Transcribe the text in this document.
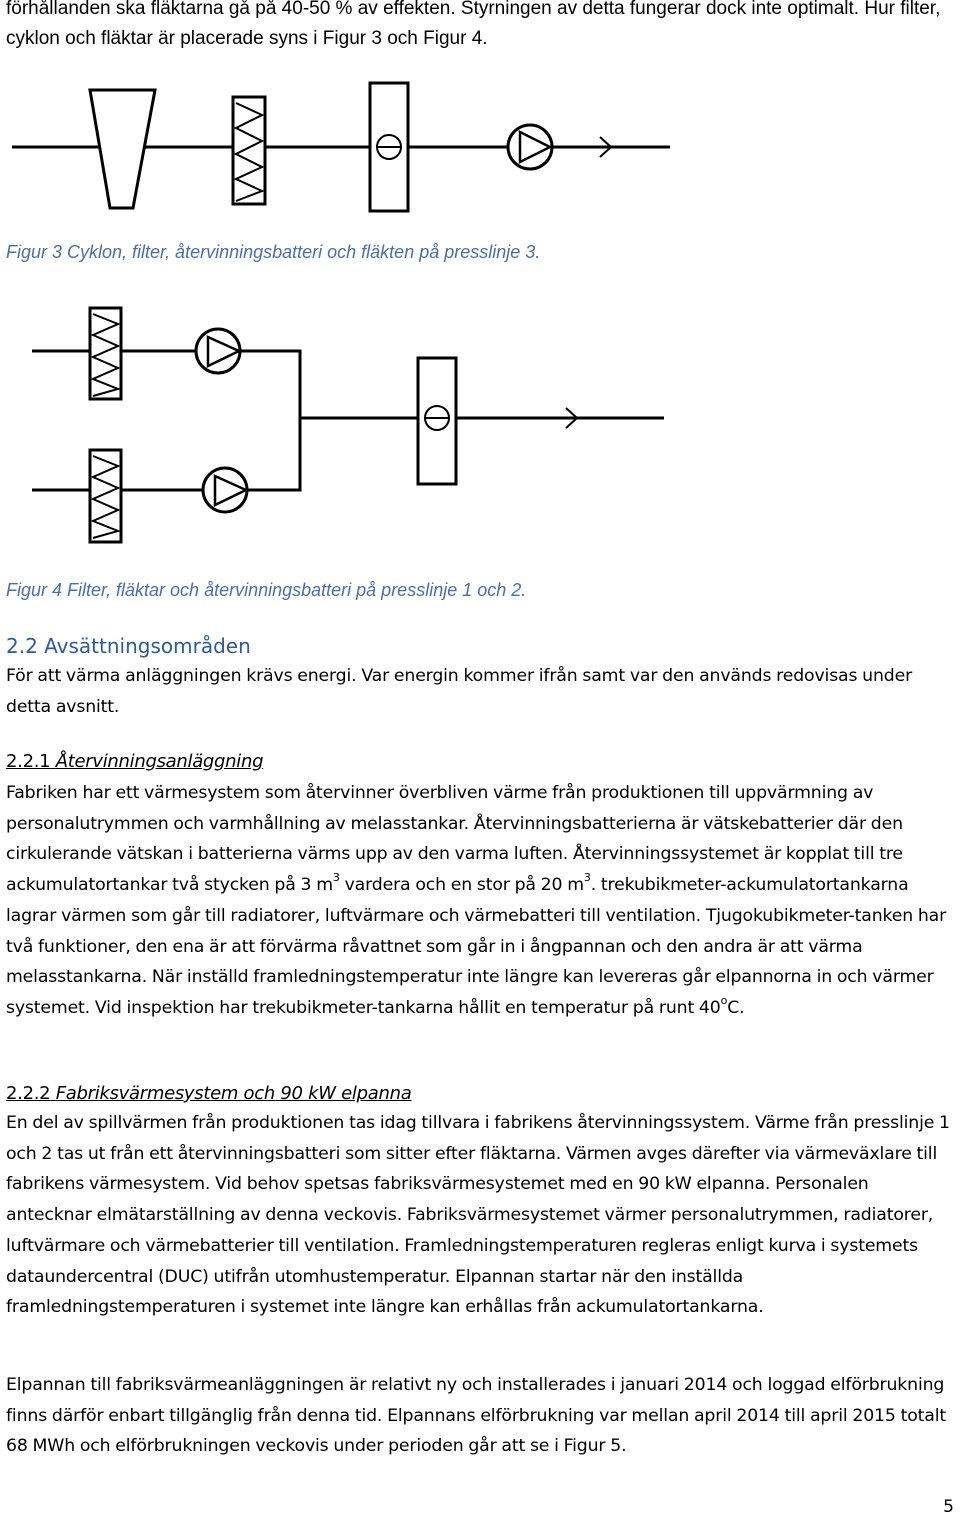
förhållanden ska fläktarna gå på 40-50 % av effekten. Styrningen av detta fungerar dock inte optimalt. Hur filter, cyklon och fläktar är placerade syns i Figur 3 och Figur 4.
Figur 3 Cyklon, filter, återvinningsbatteri och fläkten på presslinje 3.
Figur 4 Filter, fläktar och återvinningsbatteri på presslinje 1 och 2.
2.2 Avsättningsområden
För att värma anläggningen krävs energi. Var energin kommer ifrån samt var den används redovisas under detta avsnitt.
2.2.1 Återvinningsanläggning
Fabriken har ett värmesystem som återvinner överbliven värme från produktionen till uppvärmning av personalutrymmen och varmhållning av melasstankar. Återvinningsbatterierna är vätskebatterier där den cirkulerande vätskan i batterierna värms upp av den varma luften. Återvinningssystemet är kopplat till tre ackumulatortankar två stycken på 3 $m^3$ vardera och en stor på 20 $m^3$. trekubikmeter-ackumulatortankarna lagrar värmen som går till radiatorer, luftvärmare och värmebatteri till ventilation. Tjugokubikmeter-tanken har två funktioner, den ena är att förvärma råvattnet som går in i ångpannan och den andra är att värma melasstankarna. När inställd framledningstemperatur inte längre kan levereras går elpannorna in och värmer systemet. Vid inspektion har trekubikmeter-tankarna hållit en temperatur på runt 40$^o$C.
2.2.2 Fabriksvärmesystem och 90 kW elpanna
En del av spillvärmen från produktionen tas idag tillvara i fabrikens återvinningssystem. Värme från presslinje 1 och 2 tas ut från ett återvinningsbatteri som sitter efter fläktarna. Värmen avges därefter via värmeväxlare till fabrikens värmesystem. Vid behov spetsas fabriksvärmesystemet med en 90 kW elpanna. Personalen antecknar elmätarställning av denna veckovis. Fabriksvärmesystemet värmer personalutrymmen, radiatorer, luftvärmare och värmebatterier till ventilation. Framledningstemperaturen regleras enligt kurva i systemets dataundercentral (DUC) utifrån utomhustemperatur. Elpannan startar när den inställda framledningstemperaturen i systemet inte längre kan erhållas från ackumulatortankarna.
Elpannan till fabriksvärmeanläggningen är relativt ny och installerades i januari 2014 och loggad elförbrukning finns därför enbart tillgänglig från denna tid. Elpannans elförbrukning var mellan april 2014 till april 2015 totalt 68 MWh och elförbrukningen veckovis under perioden går att se i Figur 5.
5
